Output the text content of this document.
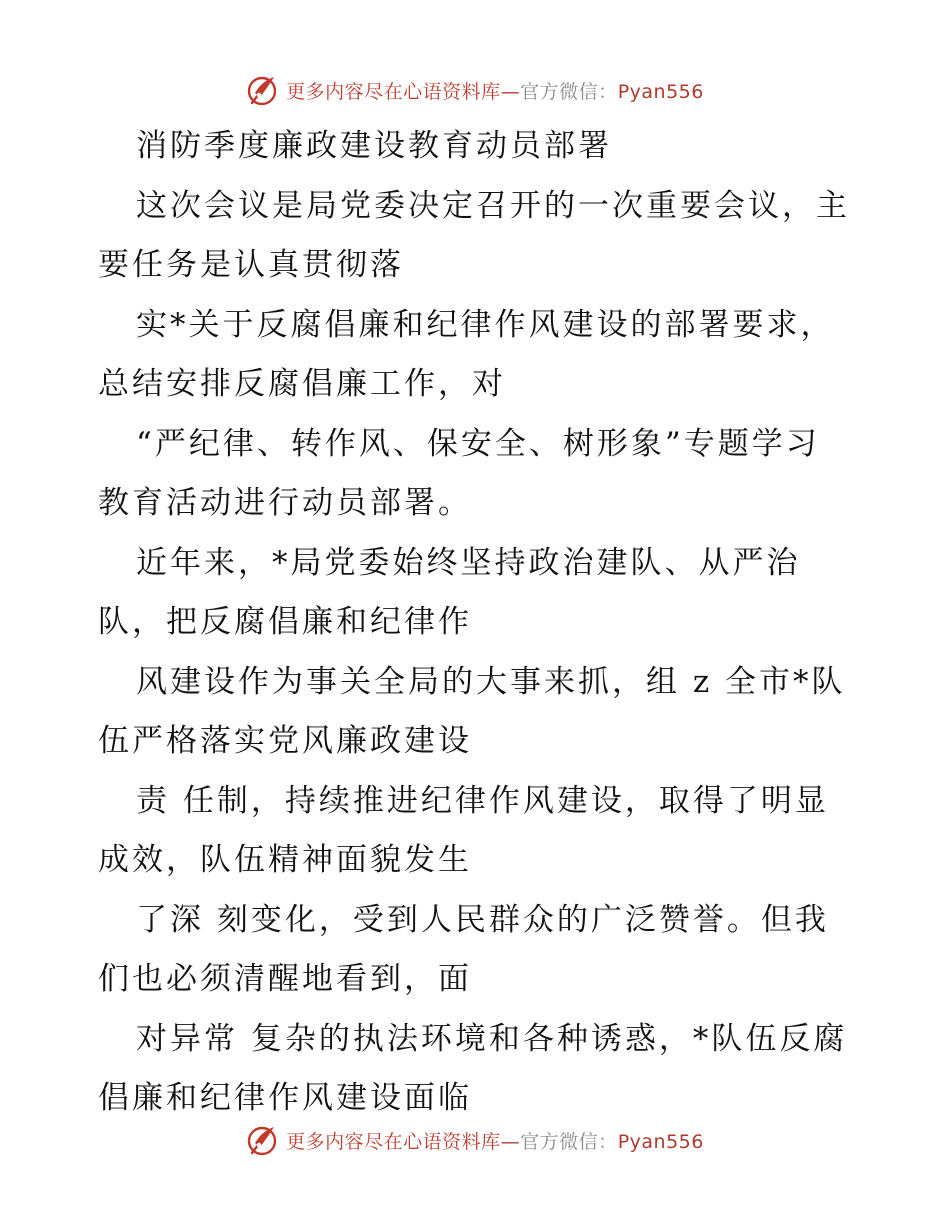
更多内容尽在心语资料库—官方微信：Pyan556
消防季度廉政建设教育动员部署
这次会议是局党委决定召开的一次重要会议，主
要任务是认真贯彻落
实*关于反腐倡廉和纪律作风建设的部署要求，
总结安排反腐倡廉工作，对
“严纪律、转作风、保安全、树形象”专题学习
教育活动进行动员部署。
近年来，*局党委始终坚持政治建队、从严治
队，把反腐倡廉和纪律作
风建设作为事关全局的大事来抓，组 z 全市*队
伍严格落实党风廉政建设
责 任制，持续推进纪律作风建设，取得了明显
成效，队伍精神面貌发生
了深 刻变化，受到人民群众的广泛赞誉。但我
们也必须清醒地看到，面
对异常 复杂的执法环境和各种诱惑，*队伍反腐
倡廉和纪律作风建设面临
更多内容尽在心语资料库—官方微信：Pyan556
